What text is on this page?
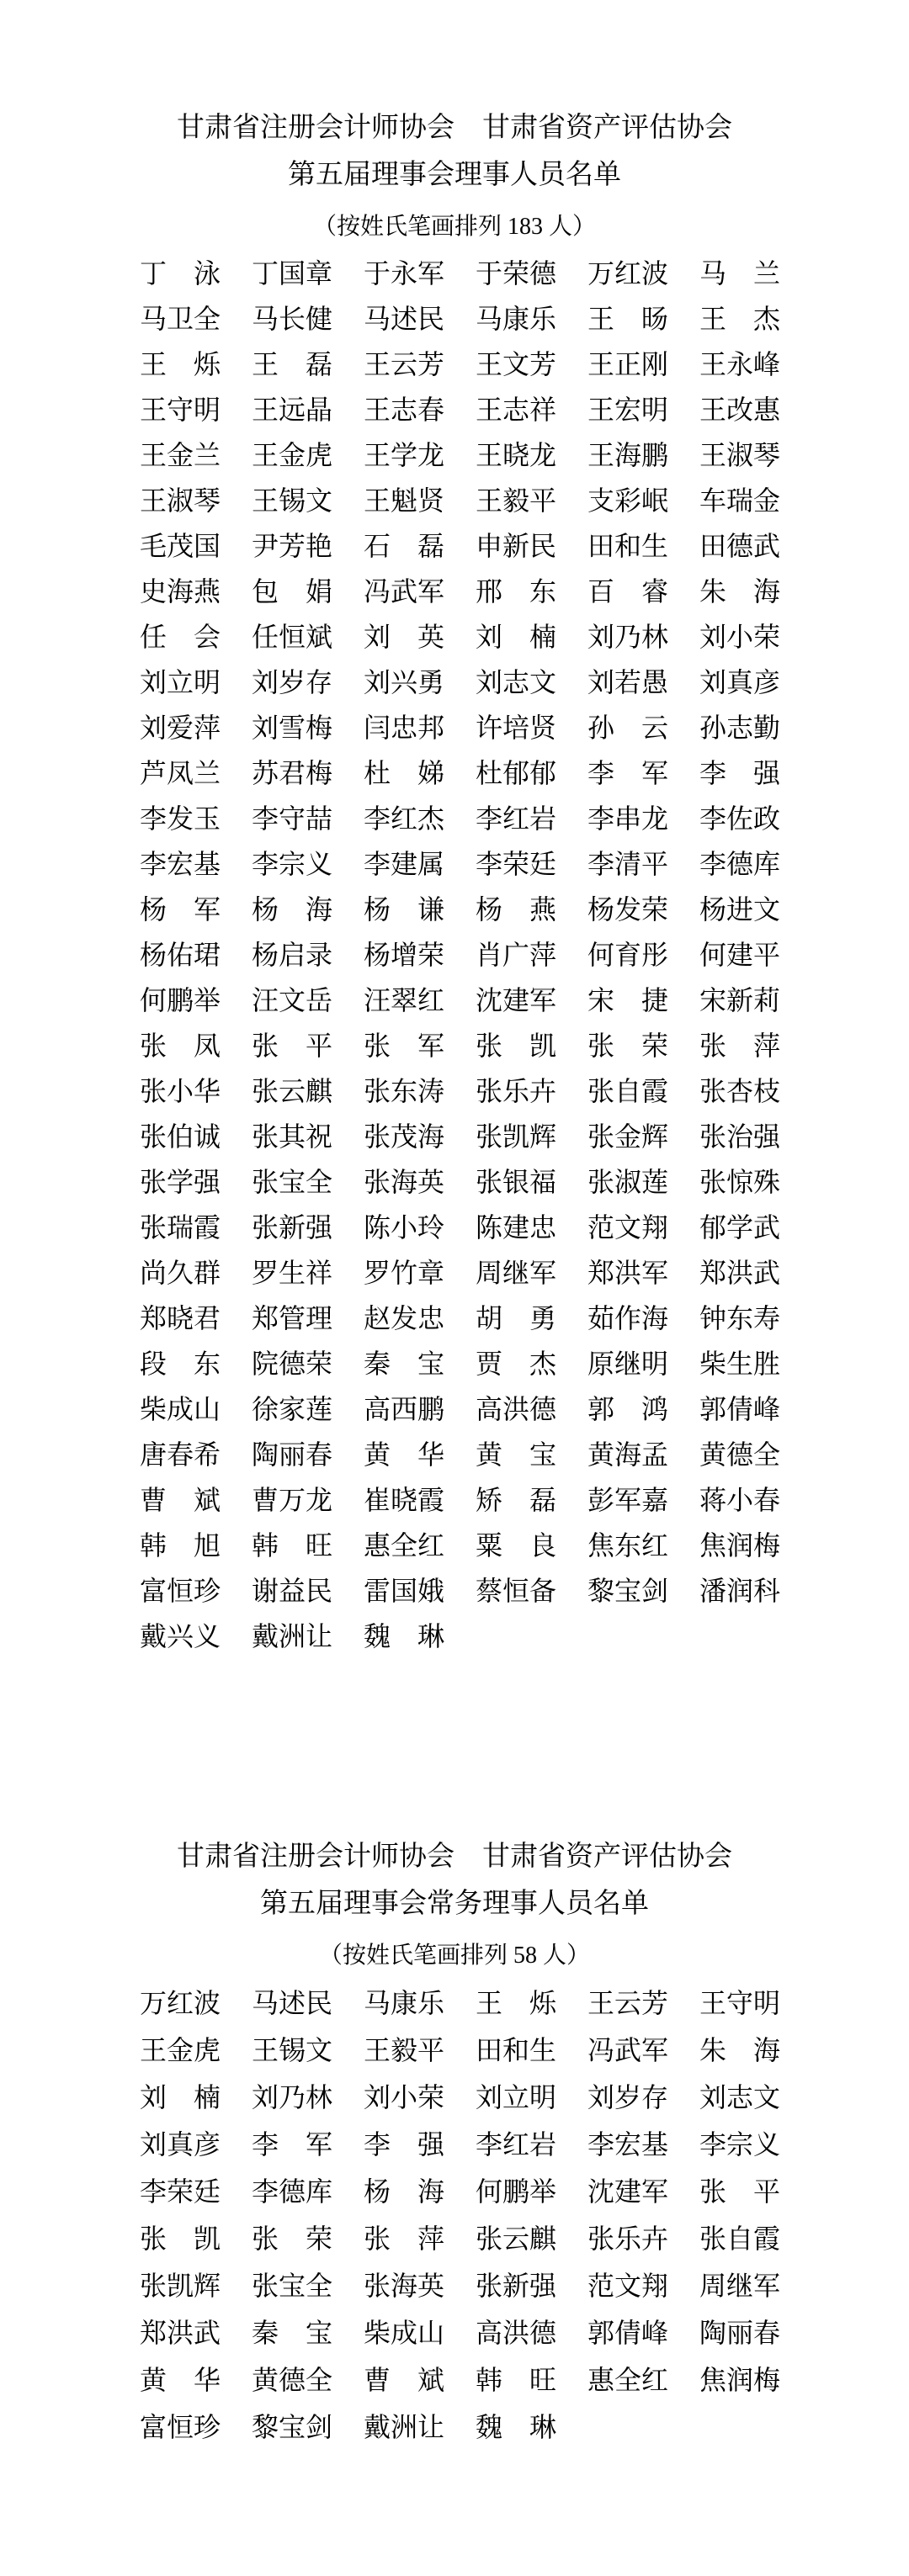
甘肃省注册会计师协会　甘肃省资产评估协会
第五届理事会理事人员名单
（按姓氏笔画排列 183 人）
丁 泳 丁 国 章 于 永 军 于 荣 德 万 红 波 马 兰
马 卫 全 马 长 健 马 述 民 马 康 乐 王 旸 王 杰
王 烁 王 磊 王 云 芳 王 文 芳 王 正 刚 王 永 峰
王 守 明 王 远 晶 王 志 春 王 志 祥 王 宏 明 王 改 惠
王 金 兰 王 金 虎 王 学 龙 王 晓 龙 王 海 鹏 王 淑 琴
王 淑 琴 王 锡 文 王 魁 贤 王 毅 平 支 彩 岷 车 瑞 金
毛 茂 国 尹 芳 艳 石 磊 申 新 民 田 和 生 田 德 武
史 海 燕 包 娟 冯 武 军 邢 东 百 睿 朱 海
任 会 任 恒 斌 刘 英 刘 楠 刘 乃 林 刘 小 荣
刘 立 明 刘 岁 存 刘 兴 勇 刘 志 文 刘 若 愚 刘 真 彦
刘 爱 萍 刘 雪 梅 闫 忠 邦 许 培 贤 孙 云 孙 志 勤
芦 凤 兰 苏 君 梅 杜 娣 杜 郁 郁 李 军 李 强
李 发 玉 李 守 喆 李 红 杰 李 红 岩 李 串 龙 李 佐 政
李 宏 基 李 宗 义 李 建 属 李 荣 廷 李 清 平 李 德 库
杨 军 杨 海 杨 谦 杨 燕 杨 发 荣 杨 进 文
杨 佑 珺 杨 启 录 杨 增 荣 肖 广 萍 何 育 彤 何 建 平
何 鹏 举 汪 文 岳 汪 翠 红 沈 建 军 宋 捷 宋 新 莉
张 凤 张 平 张 军 张 凯 张 荣 张 萍
张 小 华 张 云 麒 张 东 涛 张 乐 卉 张 自 霞 张 杏 枝
张 伯 诚 张 其 祝 张 茂 海 张 凯 辉 张 金 辉 张 治 强
张 学 强 张 宝 全 张 海 英 张 银 福 张 淑 莲 张 惊 殊
张 瑞 霞 张 新 强 陈 小 玲 陈 建 忠 范 文 翔 郁 学 武
尚 久 群 罗 生 祥 罗 竹 章 周 继 军 郑 洪 军 郑 洪 武
郑 晓 君 郑 管 理 赵 发 忠 胡 勇 茹 作 海 钟 东 寿
段 东 院 德 荣 秦 宝 贾 杰 原 继 明 柴 生 胜
柴 成 山 徐 家 莲 高 西 鹏 高 洪 德 郭 鸿 郭 倩 峰
唐 春 希 陶 丽 春 黄 华 黄 宝 黄 海 孟 黄 德 全
曹 斌 曹 万 龙 崔 晓 霞 矫 磊 彭 军 嘉 蒋 小 春
韩 旭 韩 旺 惠 全 红 粟 良 焦 东 红 焦 润 梅
富 恒 珍 谢 益 民 雷 国 娥 蔡 恒 备 黎 宝 剑 潘 润 科
戴 兴 义 戴 洲 让 魏 琳
甘肃省注册会计师协会　甘肃省资产评估协会
第五届理事会常务理事人员名单
（按姓氏笔画排列 58 人）
万 红 波 马 述 民 马 康 乐 王 烁 王 云 芳 王 守 明
王 金 虎 王 锡 文 王 毅 平 田 和 生 冯 武 军 朱 海
刘 楠 刘 乃 林 刘 小 荣 刘 立 明 刘 岁 存 刘 志 文
刘 真 彦 李 军 李 强 李 红 岩 李 宏 基 李 宗 义
李 荣 廷 李 德 库 杨 海 何 鹏 举 沈 建 军 张 平
张 凯 张 荣 张 萍 张 云 麒 张 乐 卉 张 自 霞
张 凯 辉 张 宝 全 张 海 英 张 新 强 范 文 翔 周 继 军
郑 洪 武 秦 宝 柴 成 山 高 洪 德 郭 倩 峰 陶 丽 春
黄 华 黄 德 全 曹 斌 韩 旺 惠 全 红 焦 润 梅
富 恒 珍 黎 宝 剑 戴 洲 让 魏 琳
